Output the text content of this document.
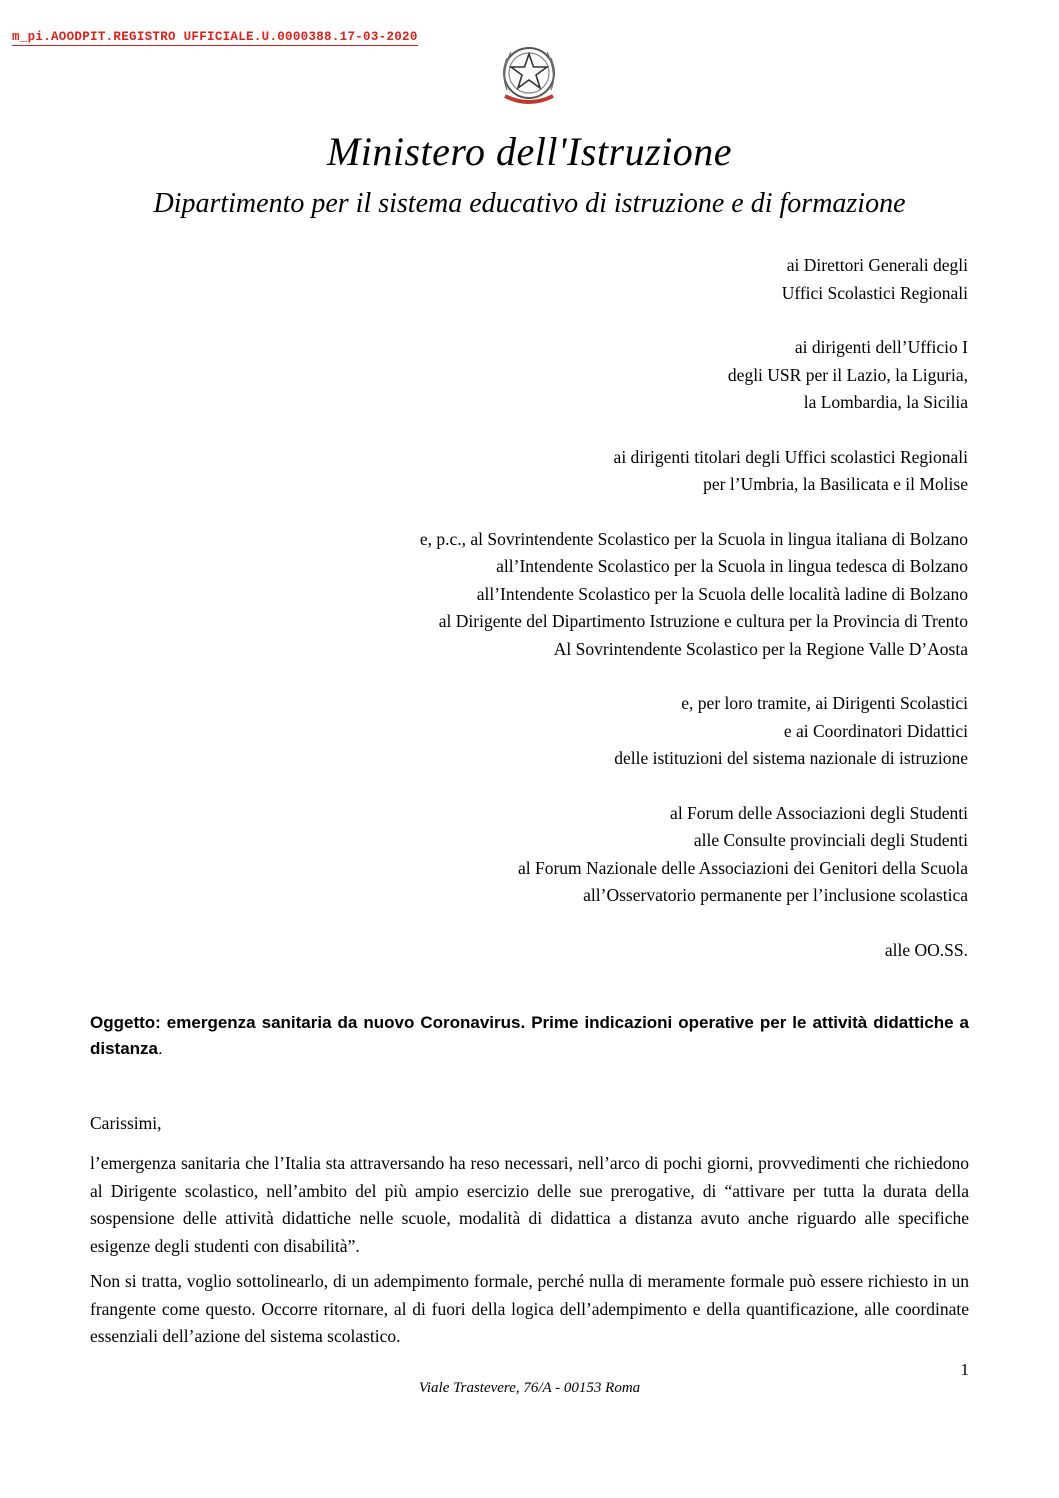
m_pi.AOODPIT.REGISTRO UFFICIALE.U.0000388.17-03-2020
Ministero dell'Istruzione
Dipartimento per il sistema educativo di istruzione e di formazione
ai Direttori Generali degli
Uffici Scolastici Regionali
ai dirigenti dell’Ufficio I
degli USR per il Lazio, la Liguria,
la Lombardia, la Sicilia
ai dirigenti titolari degli Uffici scolastici Regionali
per l’Umbria, la Basilicata e il Molise
e, p.c., al Sovrintendente Scolastico per la Scuola in lingua italiana di Bolzano
all’Intendente Scolastico per la Scuola in lingua tedesca di Bolzano
all’Intendente Scolastico per la Scuola delle località ladine di Bolzano
al Dirigente del Dipartimento Istruzione e cultura per la Provincia di Trento
Al Sovrintendente Scolastico per la Regione Valle D’Aosta
e, per loro tramite, ai Dirigenti Scolastici
e ai Coordinatori Didattici
delle istituzioni del sistema nazionale di istruzione
al Forum delle Associazioni degli Studenti
alle Consulte provinciali degli Studenti
al Forum Nazionale delle Associazioni dei Genitori della Scuola
all’Osservatorio permanente per l’inclusione scolastica
alle OO.SS.
Oggetto: emergenza sanitaria da nuovo Coronavirus. Prime indicazioni operative per le attività didattiche a distanza.
Carissimi,

l’emergenza sanitaria che l’Italia sta attraversando ha reso necessari, nell’arco di pochi giorni, provvedimenti che richiedono al Dirigente scolastico, nell’ambito del più ampio esercizio delle sue prerogative, di “attivare per tutta la durata della sospensione delle attività didattiche nelle scuole, modalità di didattica a distanza avuto anche riguardo alle specifiche esigenze degli studenti con disabilità”.

Non si tratta, voglio sottolinearlo, di un adempimento formale, perché nulla di meramente formale può essere richiesto in un frangente come questo. Occorre ritornare, al di fuori della logica dell’adempimento e della quantificazione, alle coordinate essenziali dell’azione del sistema scolastico.

1
Viale Trastevere, 76/A - 00153 Roma
